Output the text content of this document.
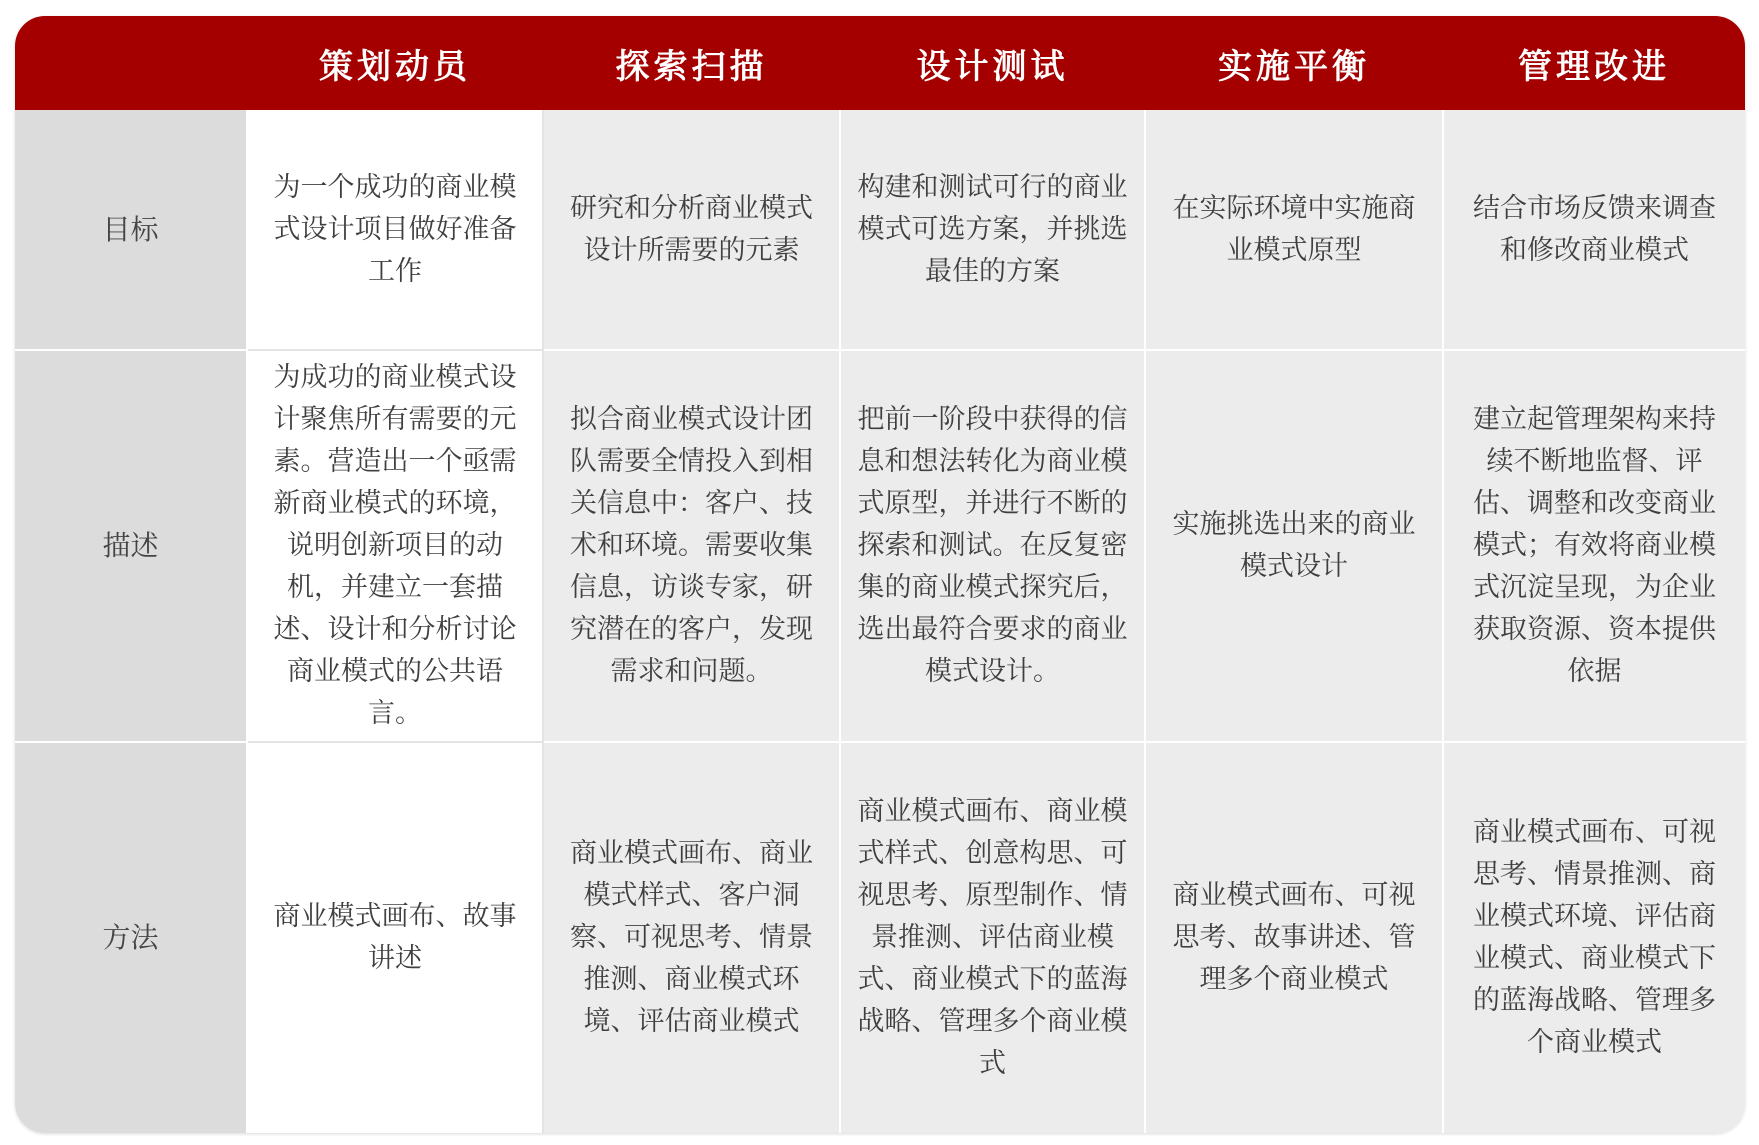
	策划动员	探索扫描	设计测试	实施平衡	管理改进
目标	为一个成功的商业模式设计项目做好准备工作	研究和分析商业模式设计所需要的元素	构建和测试可行的商业模式可选方案，并挑选最佳的方案	在实际环境中实施商业模式原型	结合市场反馈来调查和修改商业模式

描述	为成功的商业模式设计聚焦所有需要的元素。营造出一个亟需新商业模式的环境，说明创新项目的动机，并建立一套描述、设计和分析讨论商业模式的公共语言。	拟合商业模式设计团队需要全情投入到相关信息中：客户、技术和环境。需要收集信息，访谈专家，研究潜在的客户，发现需求和问题。	把前一阶段中获得的信息和想法转化为商业模式原型，并进行不断的探索和测试。在反复密集的商业模式探究后，选出最符合要求的商业模式设计。	实施挑选出来的商业模式设计	建立起管理架构来持续不断地监督、评估、调整和改变商业模式；有效将商业模式沉淀呈现，为企业获取资源、资本提供依据

方法	商业模式画布、故事讲述	商业模式画布、商业模式样式、客户洞察、可视思考、情景推测、商业模式环境、评估商业模式	商业模式画布、商业模式样式、创意构思、可视思考、原型制作、情景推测、评估商业模式、商业模式下的蓝海战略、管理多个商业模式	商业模式画布、可视思考、故事讲述、管理多个商业模式	商业模式画布、可视思考、情景推测、商业模式环境、评估商业模式、商业模式下的蓝海战略、管理多个商业模式
